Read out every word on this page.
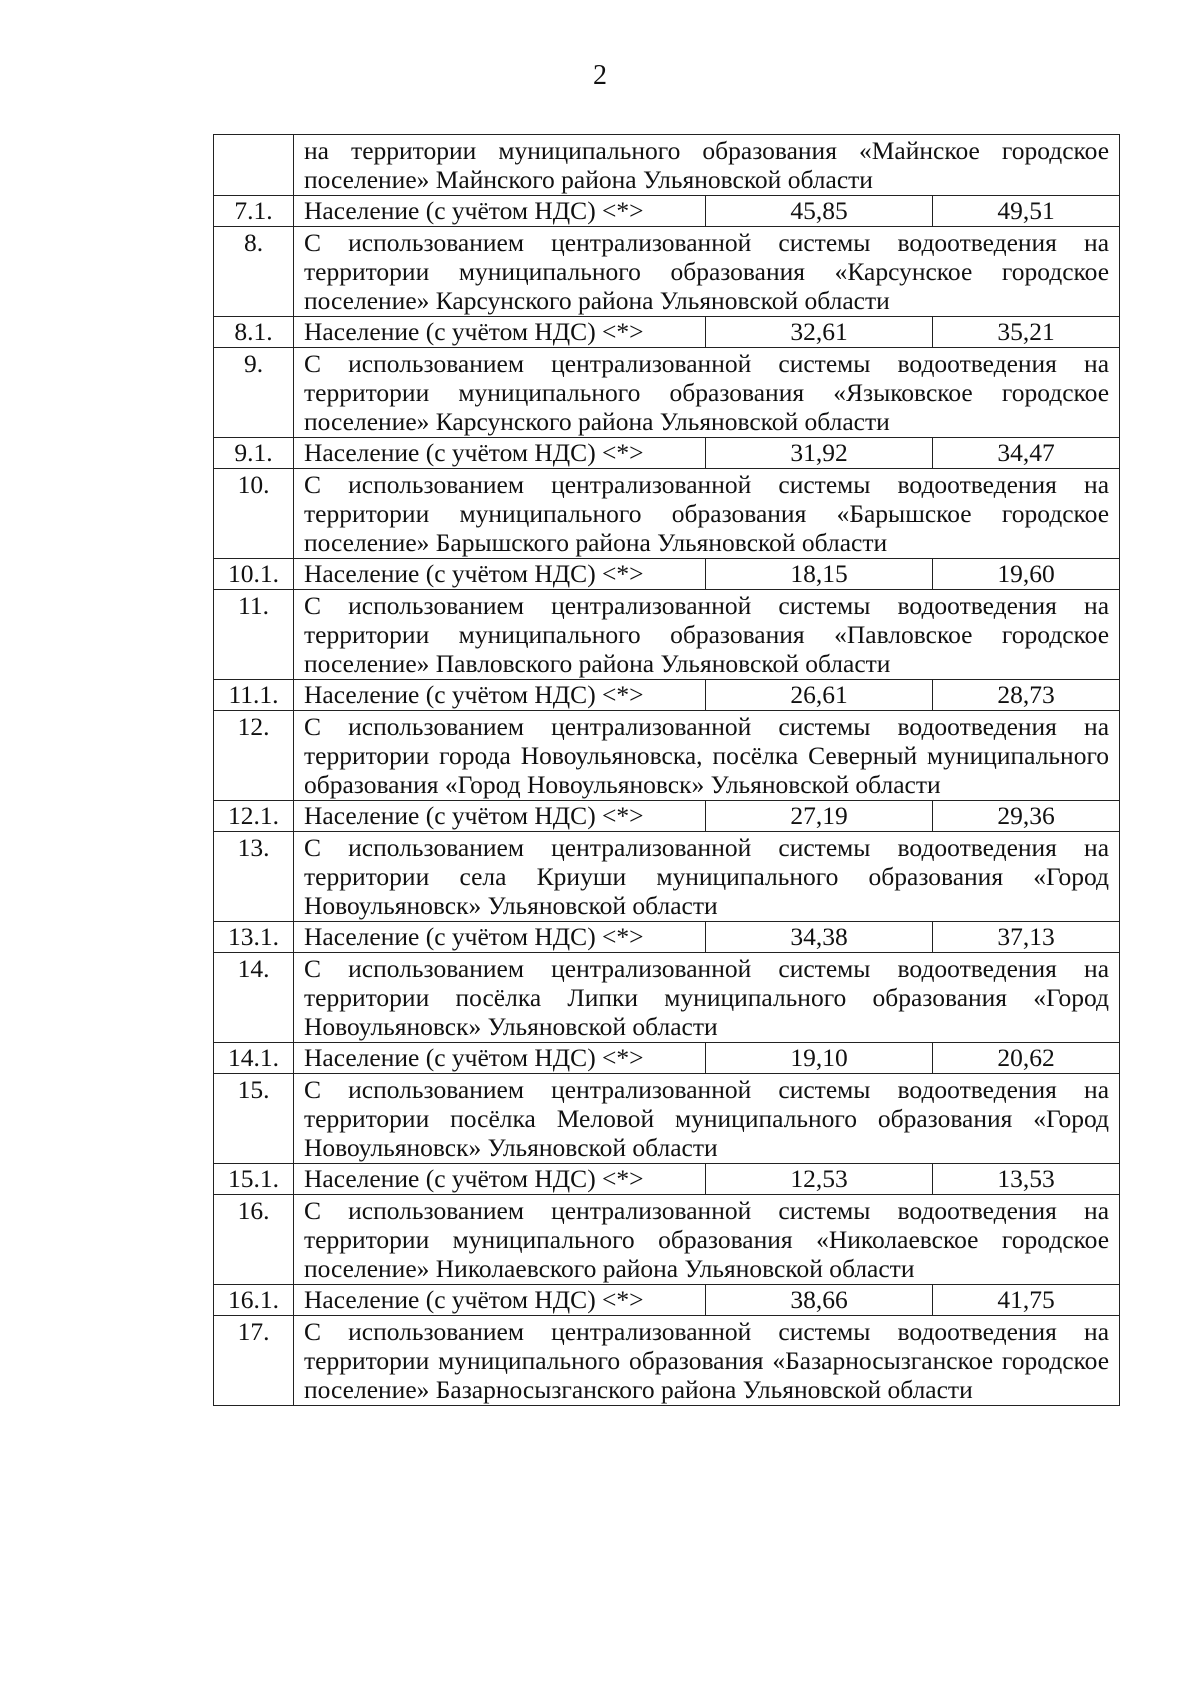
2
	на территории муниципального образования «Майнское городское поселение» Майнского района Ульяновской области		
7.1.	Население (с учётом НДС) <*>	45,85	49,51
8.	С использованием централизованной системы водоотведения на территории муниципального образования «Карсунское городское поселение» Карсунского района Ульяновской области		
8.1.	Население (с учётом НДС) <*>	32,61	35,21
9.	С использованием централизованной системы водоотведения на территории муниципального образования «Языковское городское поселение» Карсунского района Ульяновской области		
9.1.	Население (с учётом НДС) <*>	31,92	34,47
10.	С использованием централизованной системы водоотведения на территории муниципального образования «Барышское городское поселение» Барышского района Ульяновской области		
10.1.	Население (с учётом НДС) <*>	18,15	19,60
11.	С использованием централизованной системы водоотведения на территории муниципального образования «Павловское городское поселение» Павловского района Ульяновской области		
11.1.	Население (с учётом НДС) <*>	26,61	28,73
12.	С использованием централизованной системы водоотведения на территории города Новоульяновска, посёлка Северный муниципального образования «Город Новоульяновск» Ульяновской области		
12.1.	Население (с учётом НДС) <*>	27,19	29,36
13.	С использованием централизованной системы водоотведения на территории села Криуши муниципального образования «Город Новоульяновск» Ульяновской области		
13.1.	Население (с учётом НДС) <*>	34,38	37,13
14.	С использованием централизованной системы водоотведения на территории посёлка Липки муниципального образования «Город Новоульяновск» Ульяновской области		
14.1.	Население (с учётом НДС) <*>	19,10	20,62
15.	С использованием централизованной системы водоотведения на территории посёлка Меловой муниципального образования «Город Новоульяновск» Ульяновской области		
15.1.	Население (с учётом НДС) <*>	12,53	13,53
16.	С использованием централизованной системы водоотведения на территории муниципального образования «Николаевское городское поселение» Николаевского района Ульяновской области		
16.1.	Население (с учётом НДС) <*>	38,66	41,75
17.	С использованием централизованной системы водоотведения на территории муниципального образования «Базарносызганское городское поселение» Базарносызганского района Ульяновской области		
